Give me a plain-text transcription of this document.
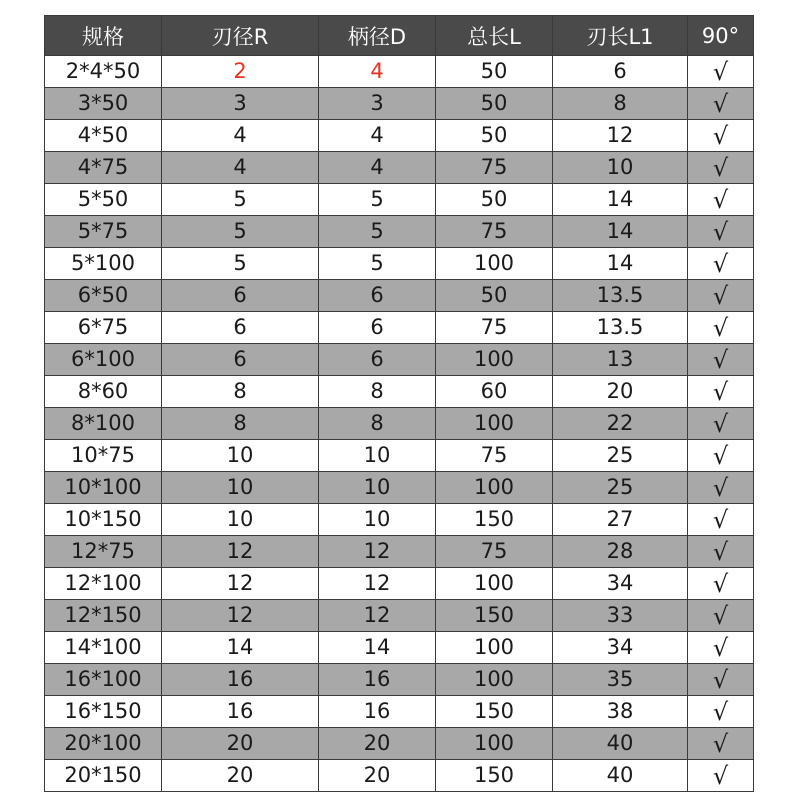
规格	刃径R	柄径D	总长L	刃长L1	90°
2*4*50	2	4	50	6	√
3*50	3	3	50	8	√
4*50	4	4	50	12	√
4*75	4	4	75	10	√
5*50	5	5	50	14	√
5*75	5	5	75	14	√
5*100	5	5	100	14	√
6*50	6	6	50	13.5	√
6*75	6	6	75	13.5	√
6*100	6	6	100	13	√
8*60	8	8	60	20	√
8*100	8	8	100	22	√
10*75	10	10	75	25	√
10*100	10	10	100	25	√
10*150	10	10	150	27	√
12*75	12	12	75	28	√
12*100	12	12	100	34	√
12*150	12	12	150	33	√
14*100	14	14	100	34	√
16*100	16	16	100	35	√
16*150	16	16	150	38	√
20*100	20	20	100	40	√
20*150	20	20	150	40	√
